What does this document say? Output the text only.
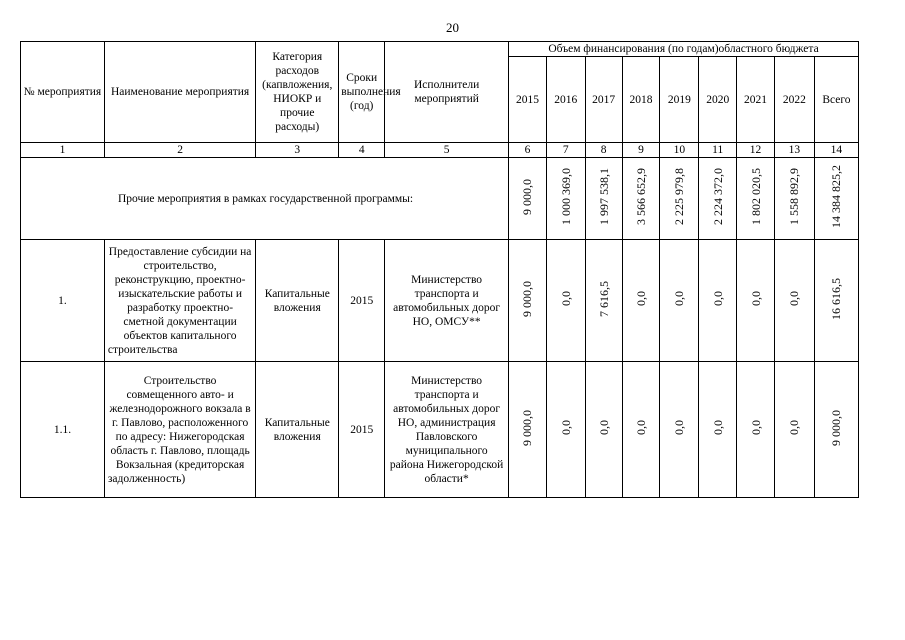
20
№ мероприятия	Наименование мероприятия	Категория расходов (капвложения, НИОКР и прочие расходы)	Сроки выполнения (год)	Исполнители мероприятий	Объем финансирования (по годам)областного бюджета								
					2015	2016	2017	2018	2019	2020	2021	2022	Всего
1	2	3	4	5	6	7	8	9	10	11	12	13	14
Прочие мероприятия в рамках государственной программы:					9 000,0	1 000 369,0	1 997 538,1	3 566 652,9	2 225 979,8	2 224 372,0	1 802 020,5	1 558 892,9	14 384 825,2
1.	Предоставление субсидии на строительство, реконструкцию, проектно-изыскательские работы и разработку проектно-сметной документации объектов капитального строительства	Капитальные вложения	2015	Министерство транспорта и автомобильных дорог НО, ОМСУ**	9 000,0	0,0	7 616,5	0,0	0,0	0,0	0,0	0,0	16 616,5
1.1.	Строительство совмещенного авто- и железнодорожного вокзала в г. Павлово, расположенного по адресу: Нижегородская область г. Павлово, площадь Вокзальная (кредиторская задолженность)	Капитальные вложения	2015	Министерство транспорта и автомобильных дорог НО, администрация Павловского муниципального района Нижегородской области*	9 000,0	0,0	0,0	0,0	0,0	0,0	0,0	0,0	9 000,0
